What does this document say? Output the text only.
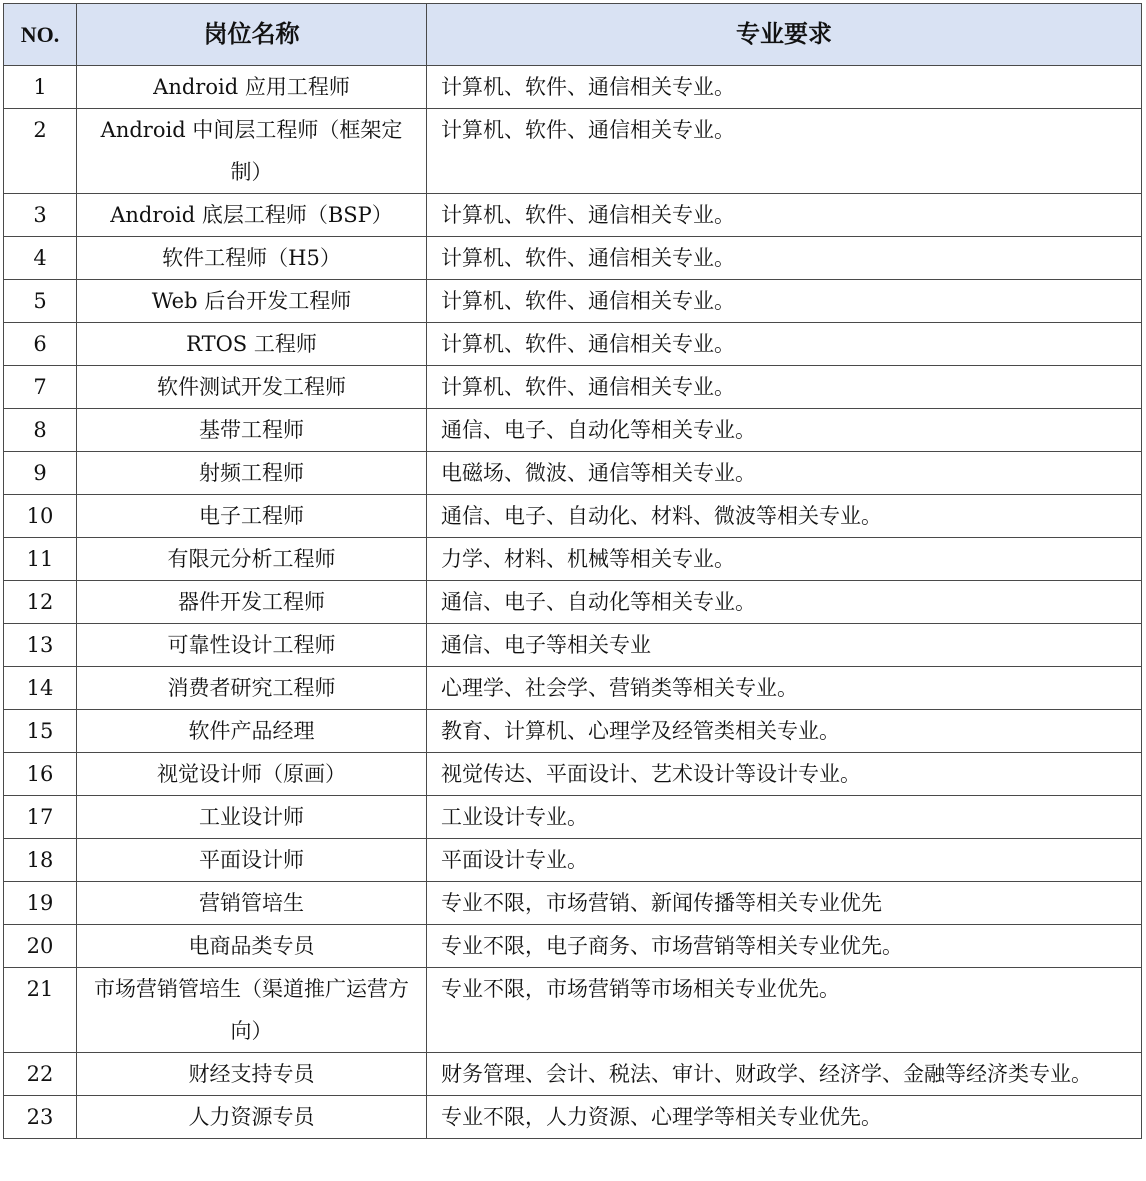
NO.	岗位名称	专业要求
1	Android 应用工程师	计算机、软件、通信相关专业。
2	Android 中间层工程师（框架定制）	计算机、软件、通信相关专业。
3	Android 底层工程师（BSP）	计算机、软件、通信相关专业。
4	软件工程师（H5）	计算机、软件、通信相关专业。
5	Web 后台开发工程师	计算机、软件、通信相关专业。
6	RTOS 工程师	计算机、软件、通信相关专业。
7	软件测试开发工程师	计算机、软件、通信相关专业。
8	基带工程师	通信、电子、自动化等相关专业。
9	射频工程师	电磁场、微波、通信等相关专业。
10	电子工程师	通信、电子、自动化、材料、微波等相关专业。
11	有限元分析工程师	力学、材料、机械等相关专业。
12	器件开发工程师	通信、电子、自动化等相关专业。
13	可靠性设计工程师	通信、电子等相关专业
14	消费者研究工程师	心理学、社会学、营销类等相关专业。
15	软件产品经理	教育、计算机、心理学及经管类相关专业。
16	视觉设计师（原画）	视觉传达、平面设计、艺术设计等设计专业。
17	工业设计师	工业设计专业。
18	平面设计师	平面设计专业。
19	营销管培生	专业不限，市场营销、新闻传播等相关专业优先
20	电商品类专员	专业不限，电子商务、市场营销等相关专业优先。
21	市场营销管培生（渠道推广运营方向）	专业不限，市场营销等市场相关专业优先。
22	财经支持专员	财务管理、会计、税法、审计、财政学、经济学、金融等经济类专业。
23	人力资源专员	专业不限，人力资源、心理学等相关专业优先。
